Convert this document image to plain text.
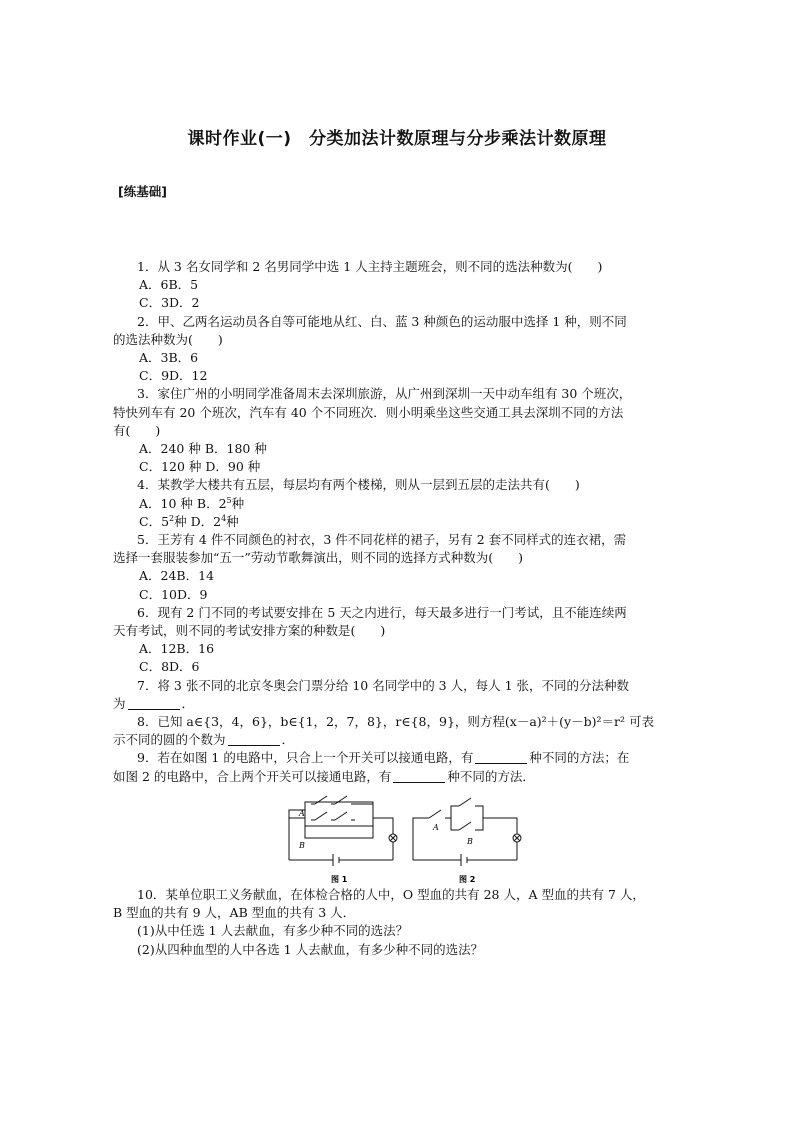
课时作业(一)　分类加法计数原理与分步乘法计数原理
[练基础]

1．从 3 名女同学和 2 名男同学中选 1 人主持主题班会，则不同的选法种数为(　　)

A．6B．5

C．3D．2

2．甲、乙两名运动员各自等可能地从红、白、蓝 3 种颜色的运动服中选择 1 种，则不同

的选法种数为(　　)

A．3B．6

C．9D．12

3．家住广州的小明同学准备周末去深圳旅游，从广州到深圳一天中动车组有 30 个班次，

特快列车有 20 个班次，汽车有 40 个不同班次．则小明乘坐这些交通工具去深圳不同的方法

有(　　)

A．240 种 B．180 种

C．120 种 D．90 种

4．某教学大楼共有五层，每层均有两个楼梯，则从一层到五层的走法共有(　　)

A．10 种 B．$2^5$种

C．$5^2$种 D．$2^4$种

5．王芳有 4 件不同颜色的衬衣，3 件不同花样的裙子，另有 2 套不同样式的连衣裙，需

选择一套服装参加“五一”劳动节歌舞演出，则不同的选择方式种数为(　　)

A．24B．14

C．10D．9

6．现有 2 门不同的考试要安排在 5 天之内进行，每天最多进行一门考试，且不能连续两

天有考试，则不同的考试安排方案的种数是(　　)

A．12B．16

C．8D．6

7．将 3 张不同的北京冬奥会门票分给 10 名同学中的 3 人，每人 1 张，不同的分法种数

为	．

8．已知 a∈{3，4，6}，b∈{1，2，7，8}，r∈{8，9}，则方程(x－a)²＋(y－b)²＝r² 可表

示不同的圆的个数为	．

9．若在如图 1 的电路中，只合上一个开关可以接通电路，有	种不同的方法；在

如图 2 的电路中，合上两个开关可以接通电路，有	种不同的方法．

A
B
A
B
图 1	图 2

10．某单位职工义务献血，在体检合格的人中，O 型血的共有 28 人，A 型血的共有 7 人，

B 型血的共有 9 人，AB 型血的共有 3 人．

(1)从中任选 1 人去献血，有多少种不同的选法？

(2)从四种血型的人中各选 1 人去献血，有多少种不同的选法？
